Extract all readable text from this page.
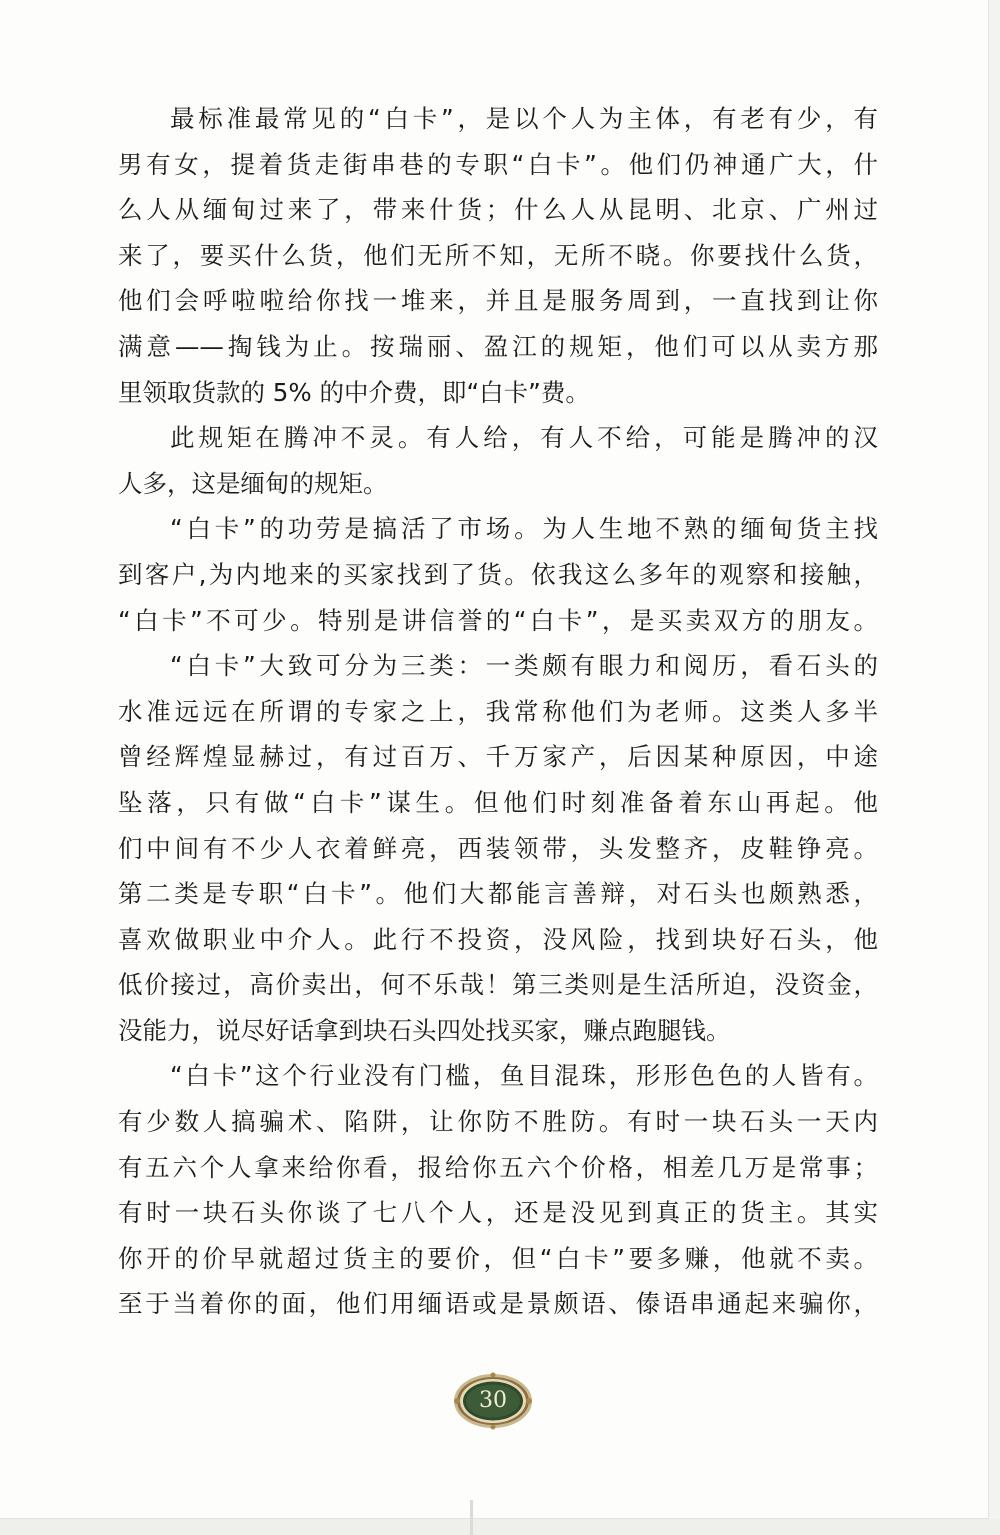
最标准最常见的“白卡”，是以个人为主体，有老有少，有
男有女，提着货走街串巷的专职“白卡”。他们仍神通广大，什
么人从缅甸过来了，带来什货；什么人从昆明、北京、广州过
来了，要买什么货，他们无所不知，无所不晓。你要找什么货，
他们会呼啦啦给你找一堆来，并且是服务周到，一直找到让你
满意——掏钱为止。按瑞丽、盈江的规矩，他们可以从卖方那
里领取货款的 5% 的中介费，即“白卡”费。
此规矩在腾冲不灵。有人给，有人不给，可能是腾冲的汉
人多，这是缅甸的规矩。
“白卡”的功劳是搞活了市场。为人生地不熟的缅甸货主找
到客户,为内地来的买家找到了货。依我这么多年的观察和接触，
“白卡”不可少。特别是讲信誉的“白卡”，是买卖双方的朋友。
“白卡”大致可分为三类：一类颇有眼力和阅历，看石头的
水准远远在所谓的专家之上，我常称他们为老师。这类人多半
曾经辉煌显赫过，有过百万、千万家产，后因某种原因，中途
坠落，只有做“白卡”谋生。但他们时刻准备着东山再起。他
们中间有不少人衣着鲜亮，西装领带，头发整齐，皮鞋铮亮。
第二类是专职“白卡”。他们大都能言善辩，对石头也颇熟悉，
喜欢做职业中介人。此行不投资，没风险，找到块好石头，他
低价接过，高价卖出，何不乐哉！第三类则是生活所迫，没资金，
没能力，说尽好话拿到块石头四处找买家，赚点跑腿钱。
“白卡”这个行业没有门槛，鱼目混珠，形形色色的人皆有。
有少数人搞骗术、陷阱，让你防不胜防。有时一块石头一天内
有五六个人拿来给你看，报给你五六个价格，相差几万是常事；
有时一块石头你谈了七八个人，还是没见到真正的货主。其实
你开的价早就超过货主的要价，但“白卡”要多赚，他就不卖。
至于当着你的面，他们用缅语或是景颇语、傣语串通起来骗你，
30
